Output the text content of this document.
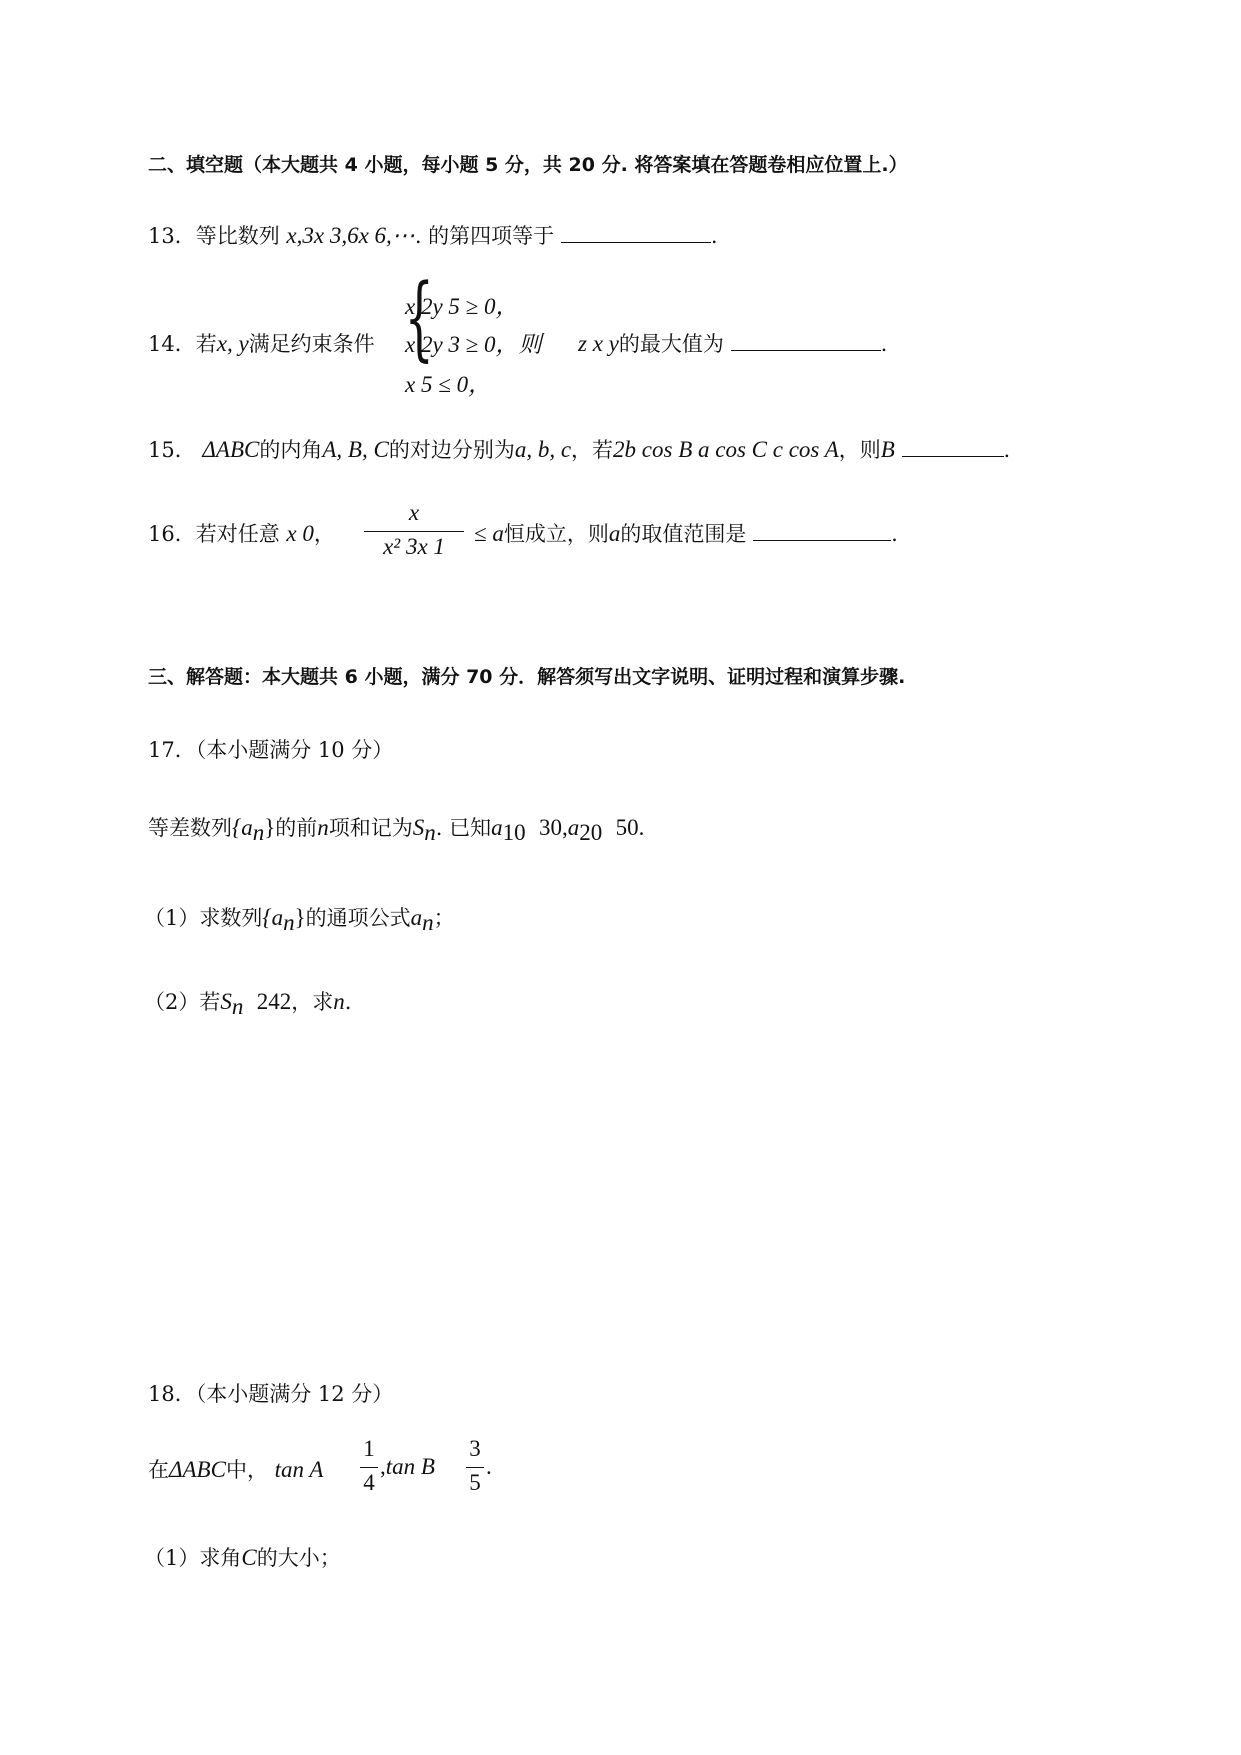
二、填空题（本大题共 4 小题，每小题 5 分，共 20 分. 将答案填在答题卷相应位置上.）
13．等比数列 x,3x 3,6x 6,⋯. 的第四项等于	.
14．若x, y满足约束条件 {
x 2y 5 ≥ 0，
x 2y 3 ≥ 0，则
x 5 ≤ 0，
z x y的最大值为	.
15． ΔABC的内角A, B, C的对边分别为a, b, c，若2b cos B a cos C c cos A，则B	.
16．若对任意 x 0，
x
x² 3x 1
≤ a恒成立，则a的取值范围是	.
三、解答题：本大题共 6 小题，满分 70 分．解答须写出文字说明、证明过程和演算步骤.
17．（本小题满分 10 分）
等差数列$\{a_n\}$的前n项和记为$S_n$. 已知$a_{10}$ $30,a_{20}$ 50.
（1）求数列$\{a_n\}$的通项公式$a_n$；
（2）若$S_n$ 242，求n.
18．（本小题满分 12 分）
在ΔABC中， tan A
1
4
,tan B
3
5
.
（1）求角C的大小；
